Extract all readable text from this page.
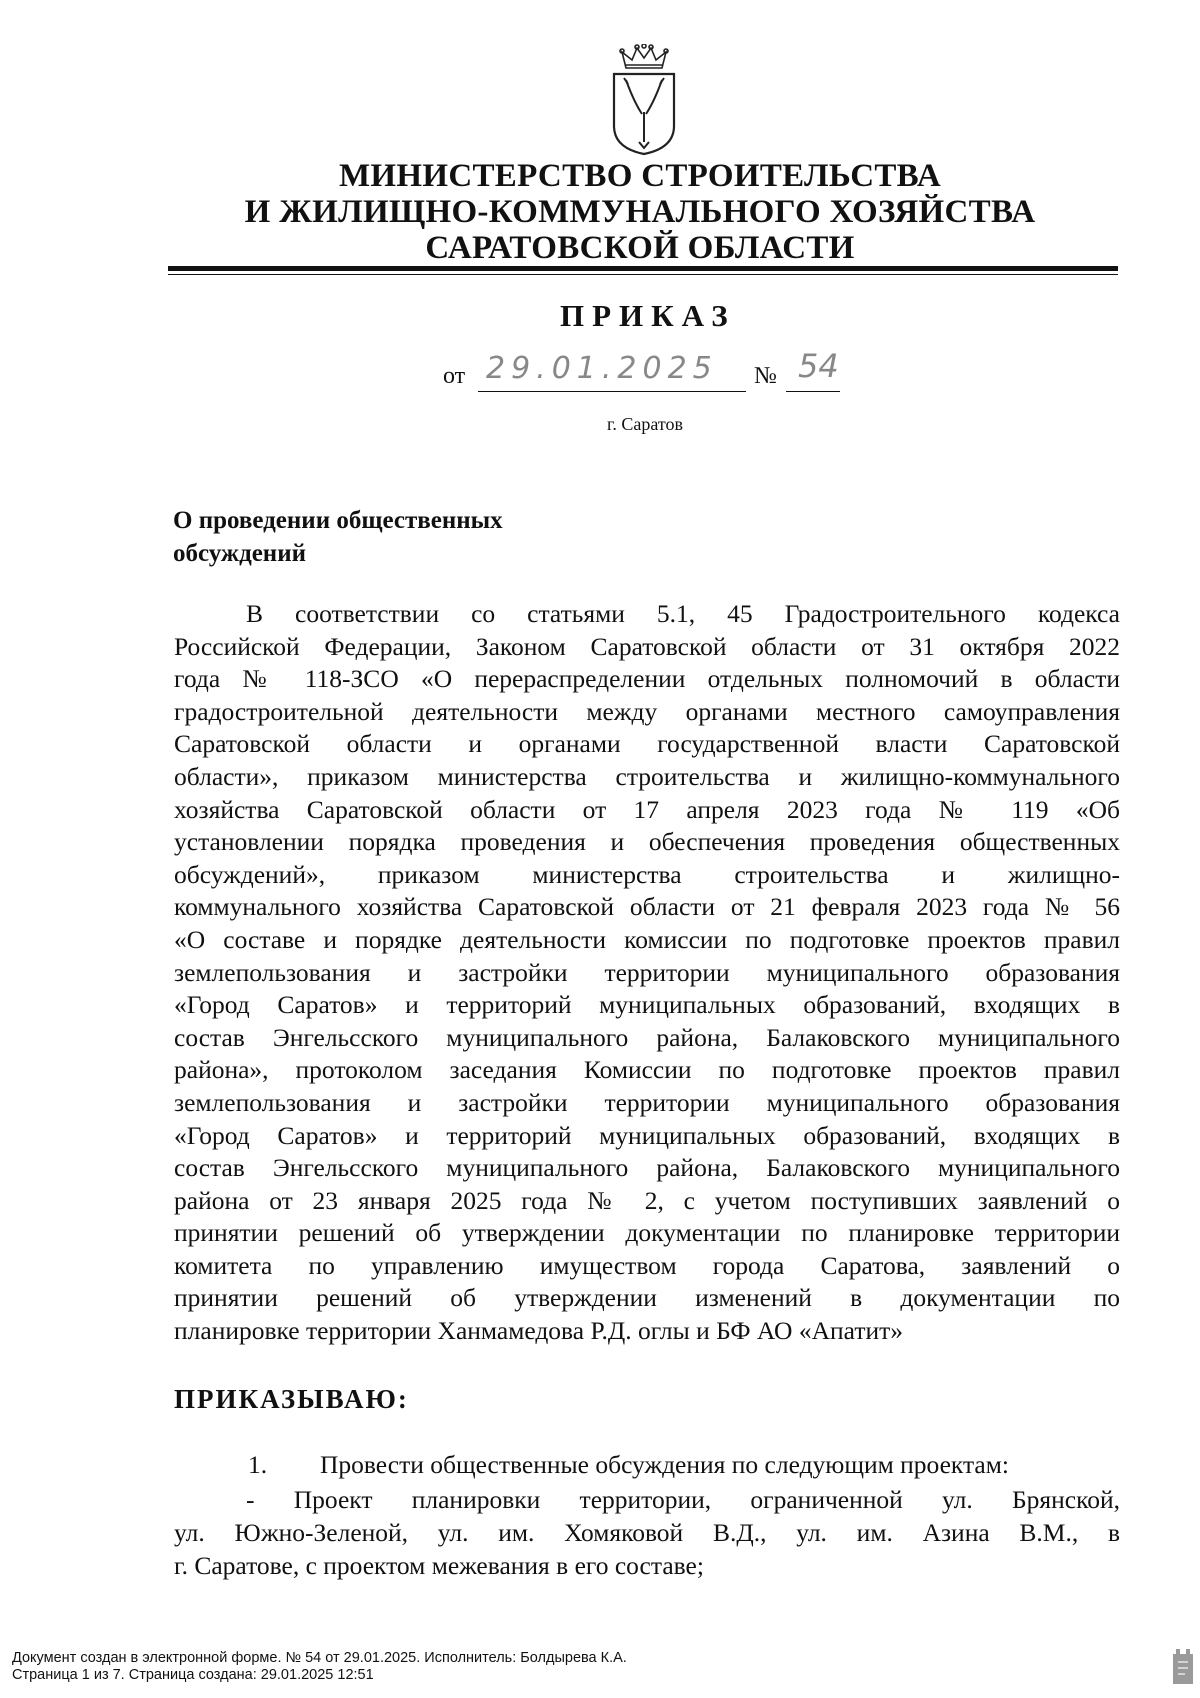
МИНИСТЕРСТВО СТРОИТЕЛЬСТВА
И ЖИЛИЩНО-КОММУНАЛЬНОГО ХОЗЯЙСТВА
САРАТОВСКОЙ ОБЛАСТИ
ПРИКАЗ
от 29.01.2025 № 54
г. Саратов
О проведении общественных
обсуждений
В соответствии со статьями 5.1, 45 Градостроительного кодекса
Российской Федерации, Законом Саратовской области от 31 октября 2022
года № 118-ЗСО «О перераспределении отдельных полномочий в области
градостроительной деятельности между органами местного самоуправления
Саратовской области и органами государственной власти Саратовской
области», приказом министерства строительства и жилищно-коммунального
хозяйства Саратовской области от 17 апреля 2023 года № 119 «Об
установлении порядка проведения и обеспечения проведения общественных
обсуждений», приказом министерства строительства и жилищно-
коммунального хозяйства Саратовской области от 21 февраля 2023 года № 56
«О составе и порядке деятельности комиссии по подготовке проектов правил
землепользования и застройки территории муниципального образования
«Город Саратов» и территорий муниципальных образований, входящих в
состав Энгельсского муниципального района, Балаковского муниципального
района», протоколом заседания Комиссии по подготовке проектов правил
землепользования и застройки территории муниципального образования
«Город Саратов» и территорий муниципальных образований, входящих в
состав Энгельсского муниципального района, Балаковского муниципального
района от 23 января 2025 года № 2, с учетом поступивших заявлений о
принятии решений об утверждении документации по планировке территории
комитета по управлению имуществом города Саратова, заявлений о
принятии решений об утверждении изменений в документации по
планировке территории Ханмамедова Р.Д. оглы и БФ АО «Апатит»
ПРИКАЗЫВАЮ:
1. Провести общественные обсуждения по следующим проектам:
- Проект планировки территории, ограниченной ул. Брянской,
ул. Южно-Зеленой, ул. им. Хомяковой В.Д., ул. им. Азина В.М., в
г. Саратове, с проектом межевания в его составе;
Документ создан в электронной форме. № 54 от 29.01.2025. Исполнитель: Болдырева К.А.
Страница 1 из 7. Страница создана: 29.01.2025 12:51
